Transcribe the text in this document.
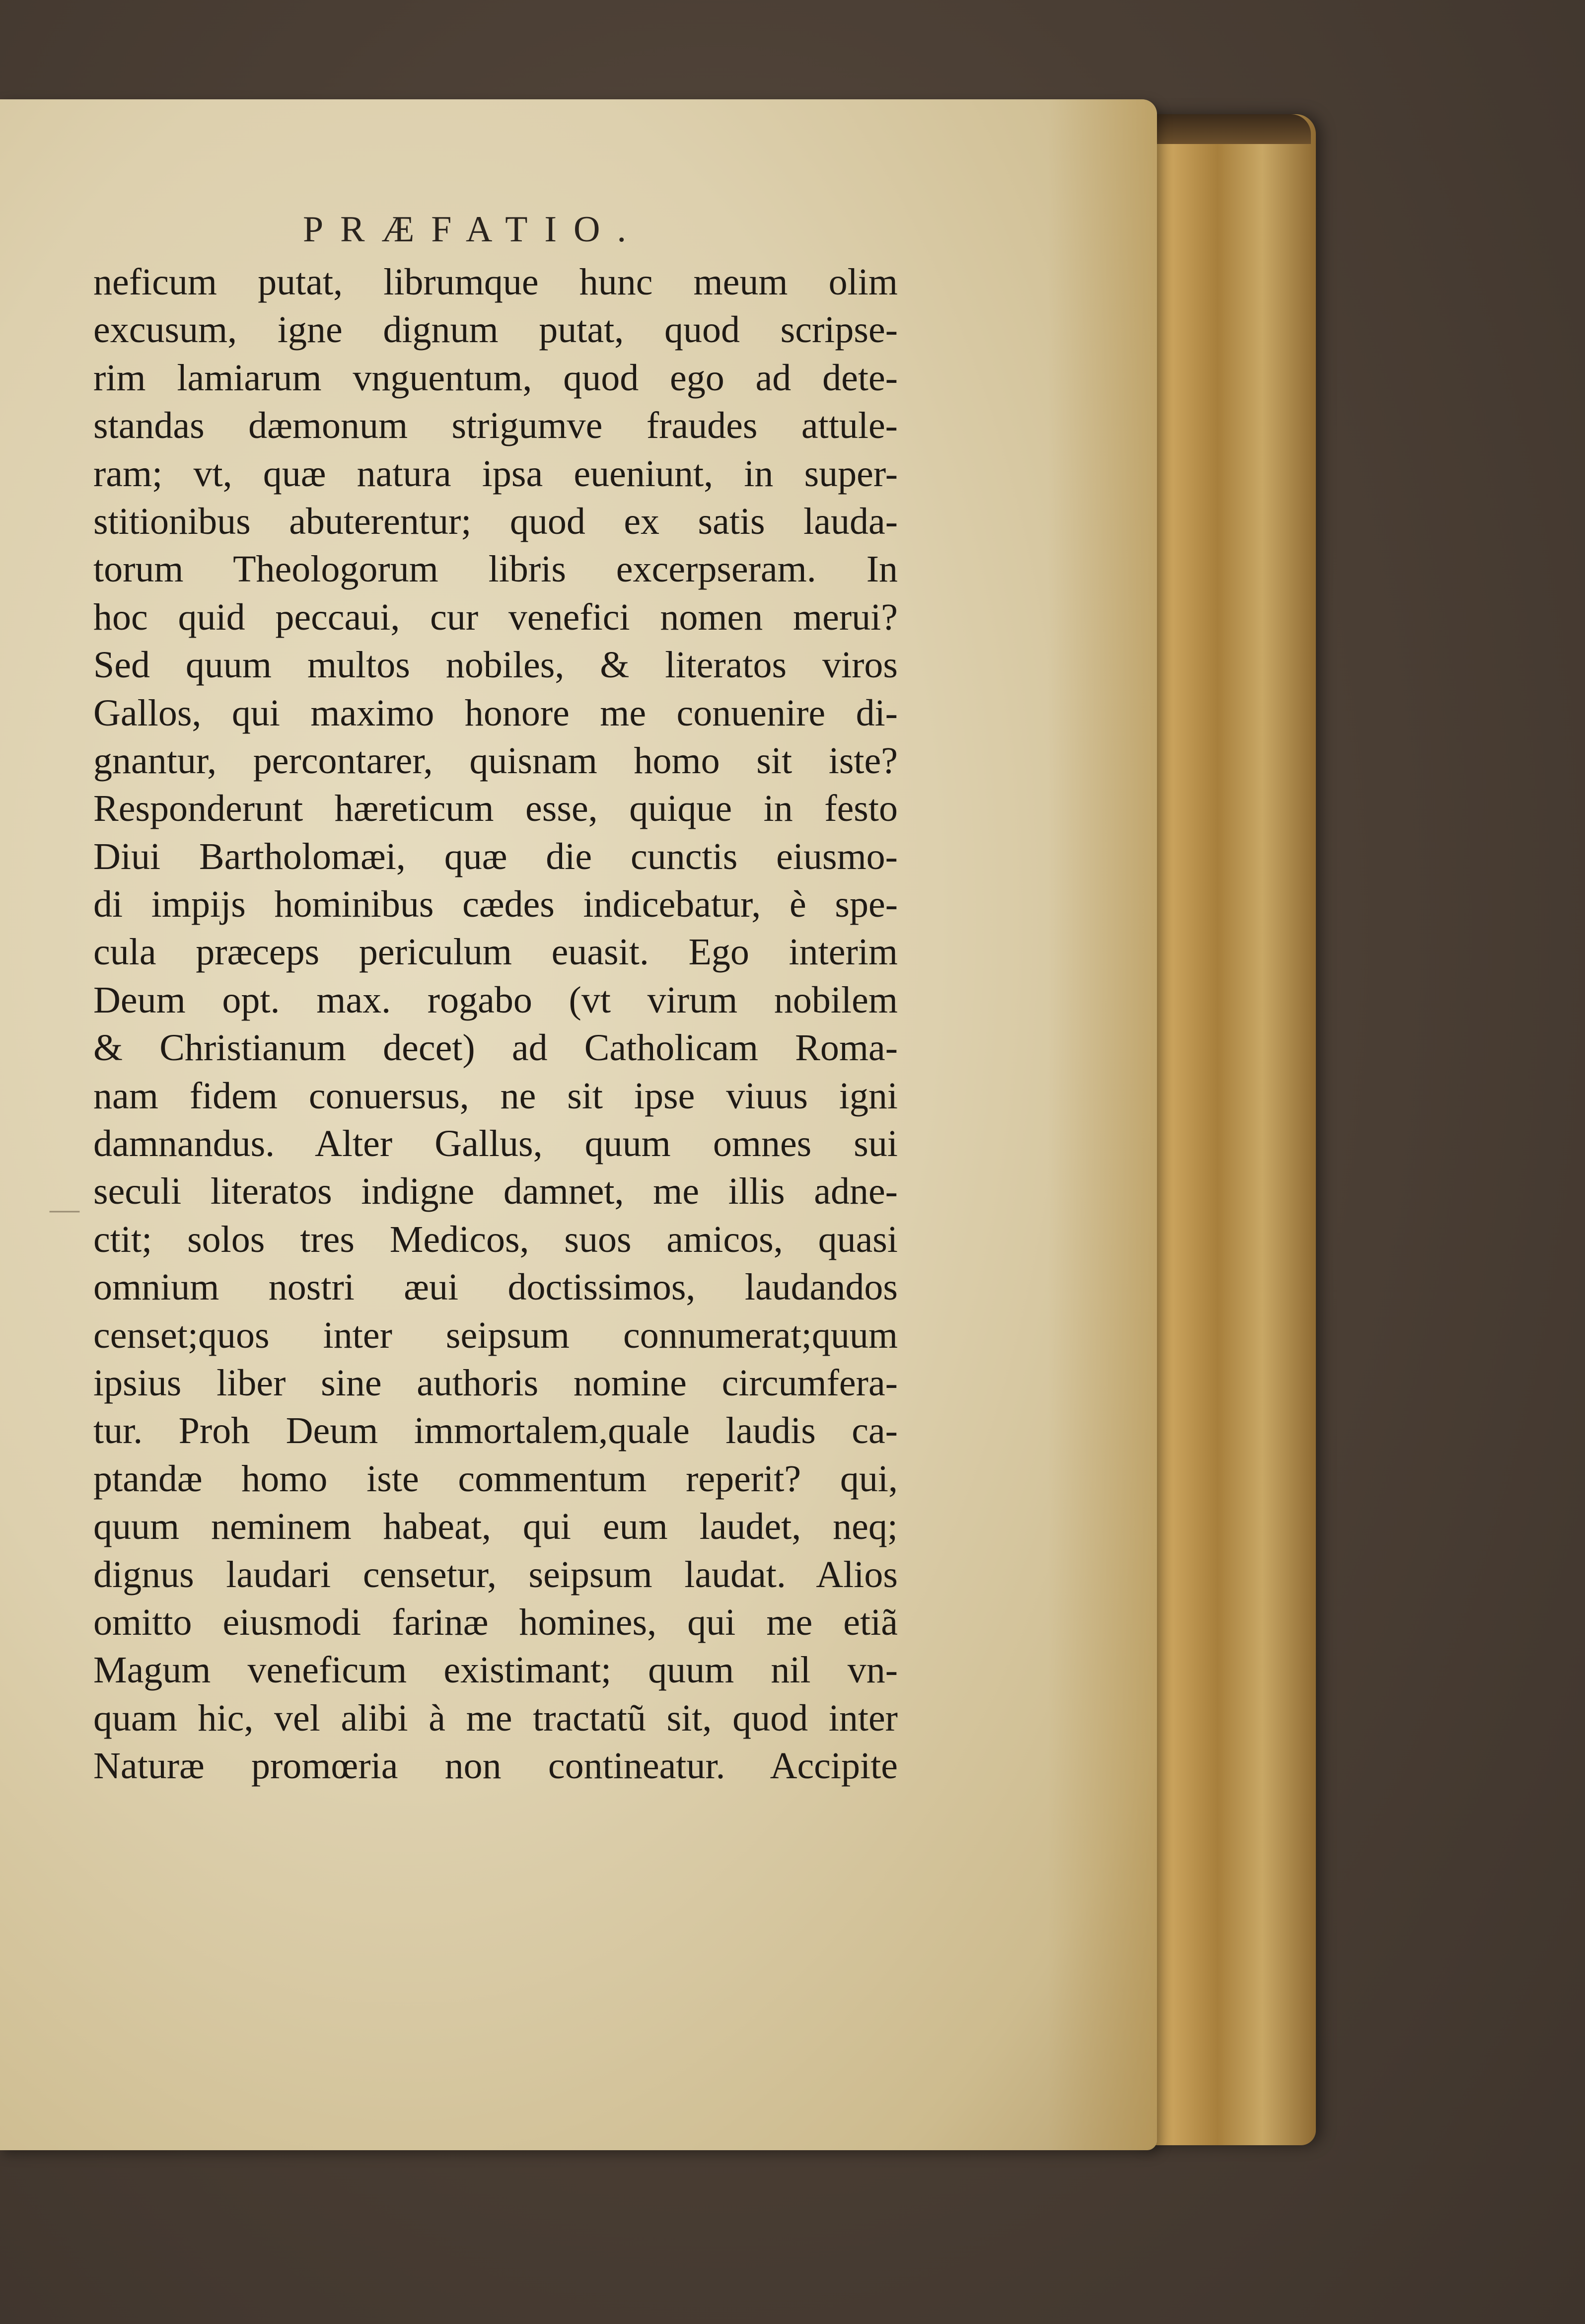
PRÆFATIO.
neficum putat, librumque hunc meum olim
excusum, igne dignum putat, quod scripse-
rim lamiarum vnguentum, quod ego ad dete-
standas dæmonum strigumve fraudes attule-
ram; vt, quæ natura ipsa eueniunt, in super-
stitionibus abuterentur; quod ex satis lauda-
torum Theologorum libris excerpseram. In
hoc quid peccaui, cur venefici nomen merui?
Sed quum multos nobiles, & literatos viros
Gallos, qui maximo honore me conuenire di-
gnantur, percontarer, quisnam homo sit iste?
Responderunt hæreticum esse, quique in festo
Diui Bartholomæi, quæ die cunctis eiusmo-
di impijs hominibus cædes indicebatur, è spe-
cula præceps periculum euasit. Ego interim
Deum opt. max. rogabo (vt virum nobilem
& Christianum decet) ad Catholicam Roma-
nam fidem conuersus, ne sit ipse viuus igni
damnandus. Alter Gallus, quum omnes sui
seculi literatos indigne damnet, me illis adne-
ctit; solos tres Medicos, suos amicos, quasi
omnium nostri æui doctissimos, laudandos
censet;quos inter seipsum connumerat;quum
ipsius liber sine authoris nomine circumfera-
tur. Proh Deum immortalem,quale laudis ca-
ptandæ homo iste commentum reperit? qui,
quum neminem habeat, qui eum laudet, neq;
dignus laudari censetur, seipsum laudat. Alios
omitto eiusmodi farinæ homines, qui me etiã
Magum veneficum existimant; quum nil vn-
quam hic, vel alibi à me tractatũ sit, quod inter
Naturæ promœria non contineatur. Accipite
—
